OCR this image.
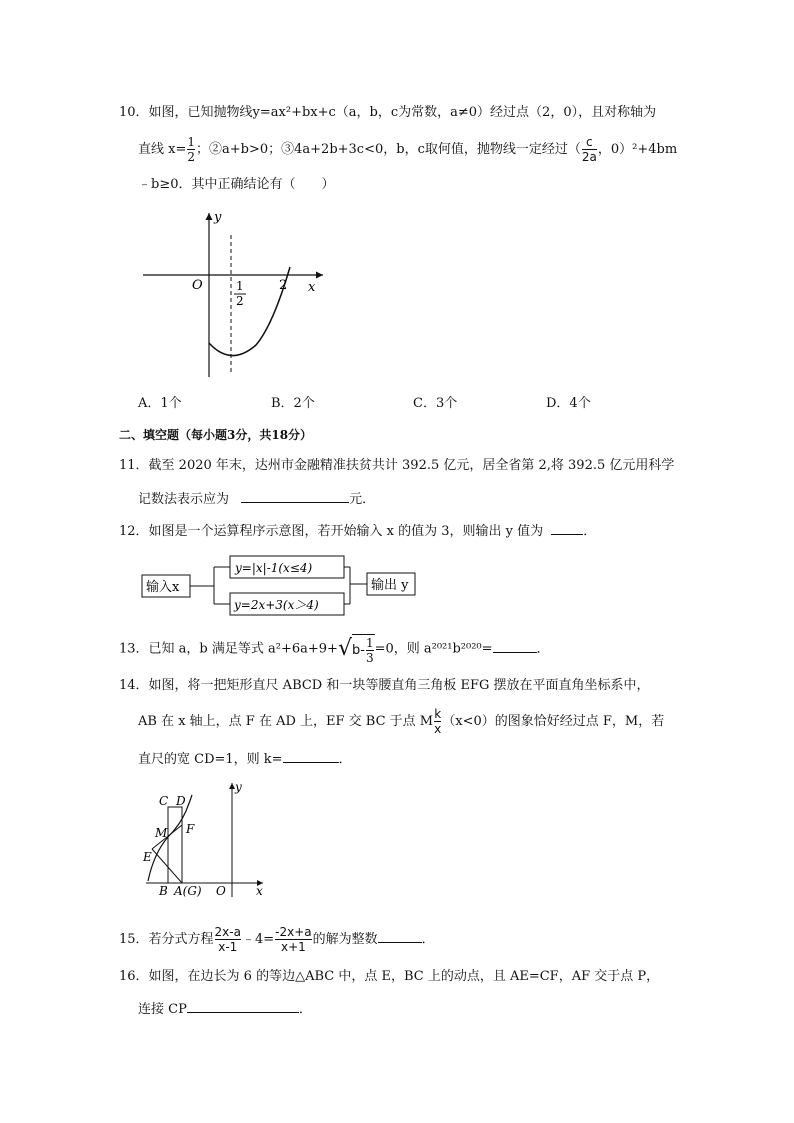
10．如图，已知抛物线y=ax²+bx+c（a，b，c为常数，a≠0）经过点（2，0），且对称轴为
直线 $x= \frac{1}{2}$ ；②a+b>0；③4a+2b+3c<0，b，c取何值，抛物线一定经过（ $\frac{c}{2a}$ ，0）²+4bm
﹣b≥0．其中正确结论有（　　）
y
x
O	2
1
2
A．1个	B．2个	C．3个	D．4个
二、填空题（每小题3分，共18分）
11．截至 2020 年末，达州市金融精准扶贫共计 392.5 亿元，居全省第 2,将 392.5 亿元用科学
记数法表示应为	元．
12．如图是一个运算程序示意图，若开始输入 x 的值为 3，则输出 y 值为	．
输入x
y=|x|-1(x≤4)
y=2x+3(x＞4)
输出 y
13．已知 a，b 满足等式 $a^2+6a+9+√b- \frac{1}{3} =0$，则 a²⁰²¹b²⁰²⁰=	．
14．如图，将一把矩形直尺 ABCD 和一块等腰直角三角板 EFG 摆放在平面直角坐标系中，
AB 在 x 轴上，点 F 在 AD 上，EF 交 BC 于点 M $\frac{k}{x} (x<0)$的图象恰好经过点 F，M，若
直尺的宽 CD=1，则 k=	．
y
x
C D
M F
E
B A(G) O
15．若分式方程 $\frac{2x-a}{x-1}$ ﹣4= $\frac{-2x+a}{x+1}$ 的解为整数	．
16．如图，在边长为 6 的等边△ABC 中，点 E，BC 上的动点，且 AE=CF，AF 交于点 P，
连接 CP	．
